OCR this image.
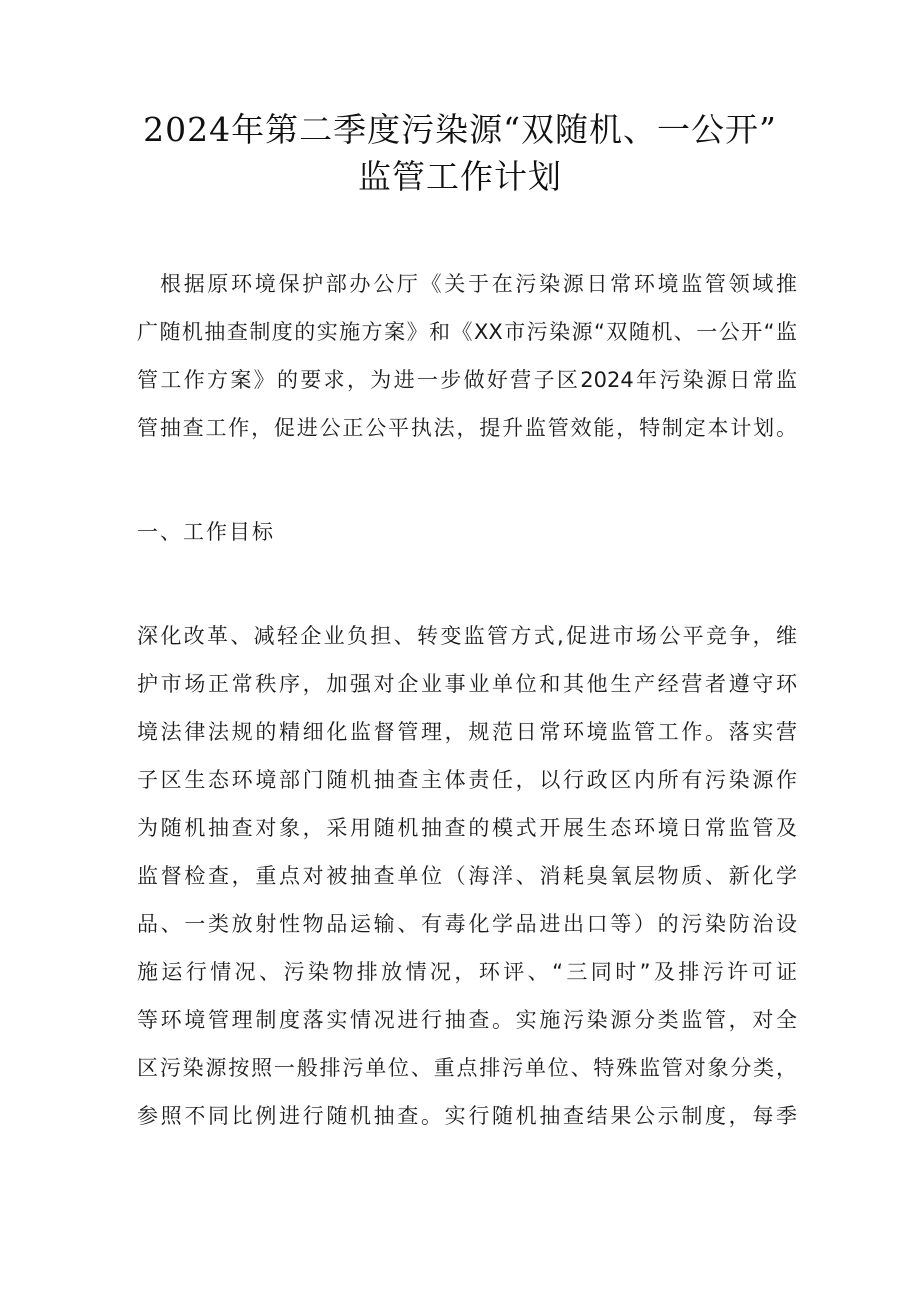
2024年第二季度污染源“双随机、一公开”
监管工作计划
根据原环境保护部办公厅《关于在污染源日常环境监管领域推
广随机抽查制度的实施方案》和《XX市污染源“双随机、一公开“监
管工作方案》的要求，为进一步做好营子区2024年污染源日常监
管抽查工作，促进公正公平执法，提升监管效能，特制定本计划。
一、工作目标
深化改革、减轻企业负担、转变监管方式,促进市场公平竞争，维
护市场正常秩序，加强对企业事业单位和其他生产经营者遵守环
境法律法规的精细化监督管理，规范日常环境监管工作。落实营
子区生态环境部门随机抽查主体责任，以行政区内所有污染源作
为随机抽查对象，采用随机抽查的模式开展生态环境日常监管及
监督检查，重点对被抽查单位（海洋、消耗臭氧层物质、新化学
品、一类放射性物品运输、有毒化学品进出口等）的污染防治设
施运行情况、污染物排放情况，环评、“三同时”及排污许可证
等环境管理制度落实情况进行抽查。实施污染源分类监管，对全
区污染源按照一般排污单位、重点排污单位、特殊监管对象分类，
参照不同比例进行随机抽查。实行随机抽查结果公示制度，每季
